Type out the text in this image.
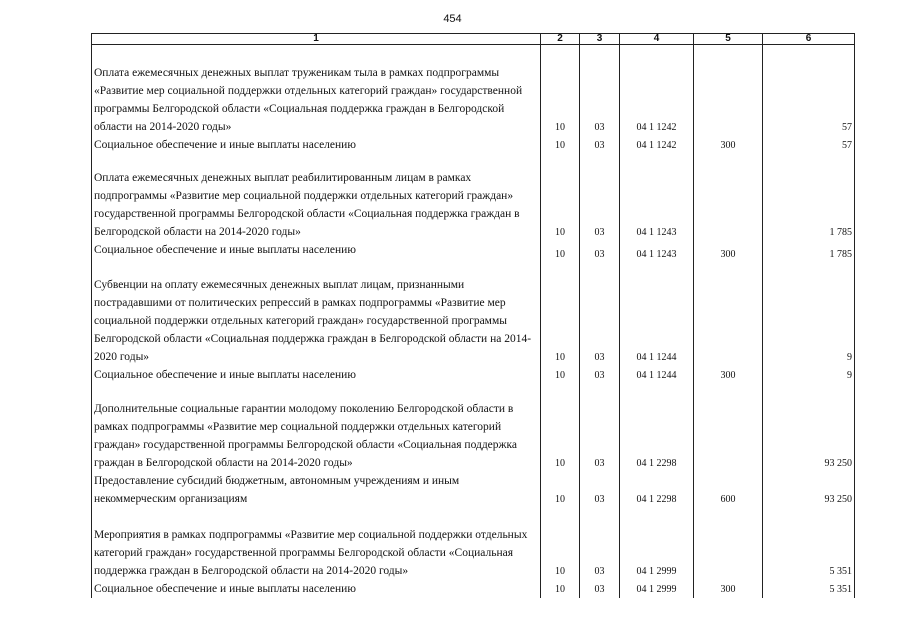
454
1	2	3	4	5	6
Оплата ежемесячных денежных выплат труженикам тыла в рамках подпрограммы «Развитие мер социальной поддержки отдельных категорий граждан» государственной программы Белгородской области «Социальная поддержка граждан в Белгородской области на 2014-2020 годы»	10	03	04 1 1242		57
Социальное обеспечение и иные выплаты населению	10	03	04 1 1242	300	57
Оплата ежемесячных денежных выплат реабилитированным лицам в рамках подпрограммы «Развитие мер социальной поддержки отдельных категорий граждан» государственной программы Белгородской области «Социальная поддержка граждан в Белгородской области на 2014-2020 годы»	10	03	04 1 1243		1 785
Социальное обеспечение и иные выплаты населению	10	03	04 1 1243	300	1 785
Субвенции на оплату ежемесячных денежных выплат лицам, признанными пострадавшими от политических репрессий в рамках подпрограммы «Развитие мер социальной поддержки отдельных категорий граждан» государственной программы Белгородской области «Социальная поддержка граждан в Белгородской области на 2014-2020 годы»	10	03	04 1 1244		9
Социальное обеспечение и иные выплаты населению	10	03	04 1 1244	300	9
Дополнительные социальные гарантии молодому поколению Белгородской области в рамках подпрограммы «Развитие мер социальной поддержки отдельных категорий граждан» государственной программы Белгородской области «Социальная поддержка граждан в Белгородской области на 2014-2020 годы»	10	03	04 1 2298		93 250
Предоставление субсидий бюджетным, автономным учреждениям и иным некоммерческим организациям	10	03	04 1 2298	600	93 250
Мероприятия в рамках подпрограммы «Развитие мер социальной поддержки отдельных категорий граждан» государственной программы Белгородской области «Социальная поддержка граждан в Белгородской области на 2014-2020 годы»	10	03	04 1 2999		5 351
Социальное обеспечение и иные выплаты населению	10	03	04 1 2999	300	5 351
